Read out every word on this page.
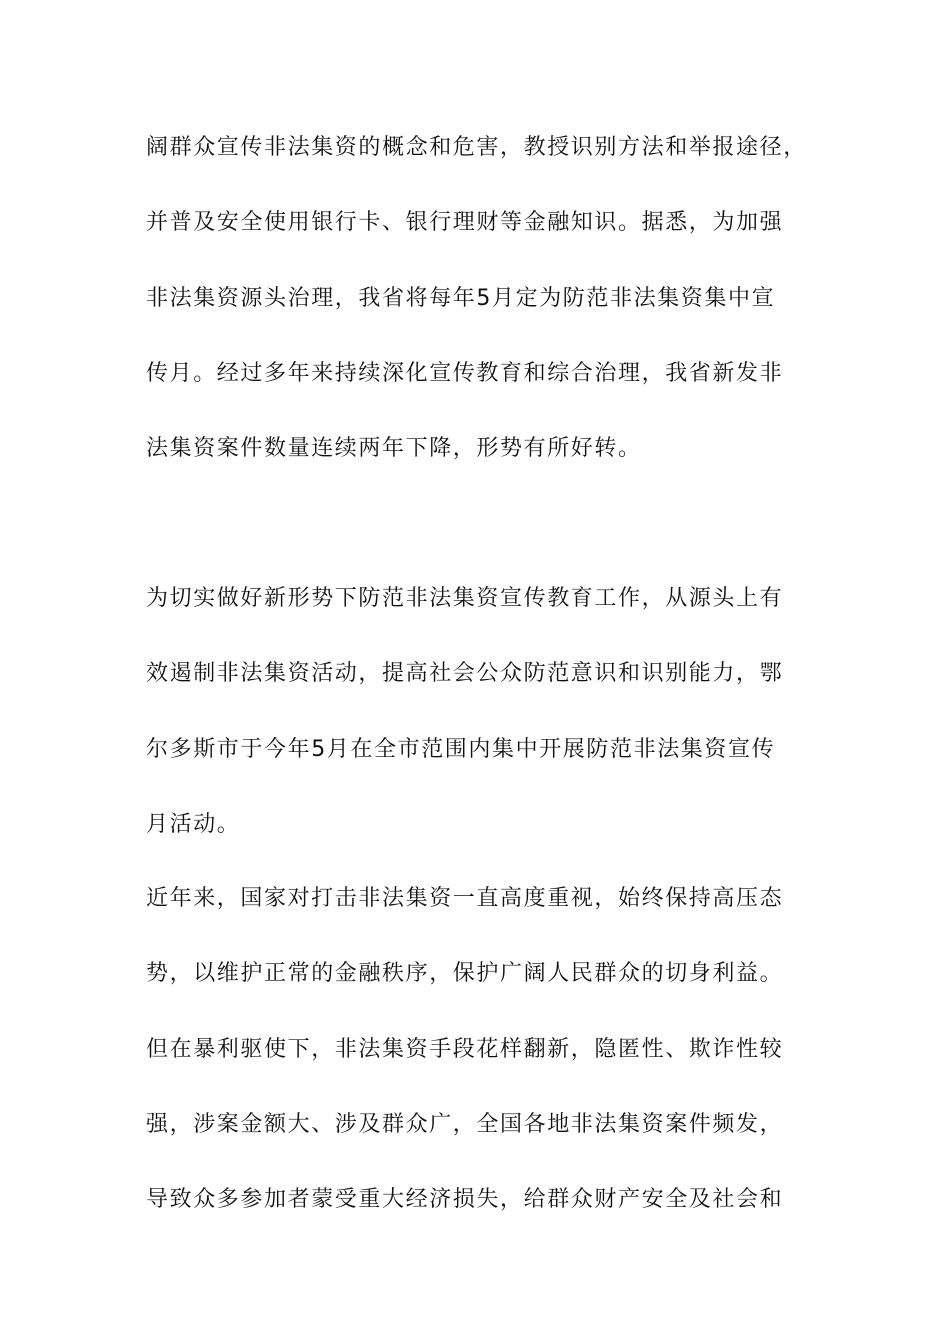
阔群众宣传非法集资的概念和危害，教授识别方法和举报途径，
并普及安全使用银行卡、银行理财等金融知识。据悉，为加强
非法集资源头治理，我省将每年5月定为防范非法集资集中宣
传月。经过多年来持续深化宣传教育和综合治理，我省新发非
法集资案件数量连续两年下降，形势有所好转。
为切实做好新形势下防范非法集资宣传教育工作，从源头上有
效遏制非法集资活动，提高社会公众防范意识和识别能力，鄂
尔多斯市于今年5月在全市范围内集中开展防范非法集资宣传
月活动。
近年来，国家对打击非法集资一直高度重视，始终保持高压态
势，以维护正常的金融秩序，保护广阔人民群众的切身利益。
但在暴利驱使下，非法集资手段花样翻新，隐匿性、欺诈性较
强，涉案金额大、涉及群众广，全国各地非法集资案件频发，
导致众多参加者蒙受重大经济损失，给群众财产安全及社会和
